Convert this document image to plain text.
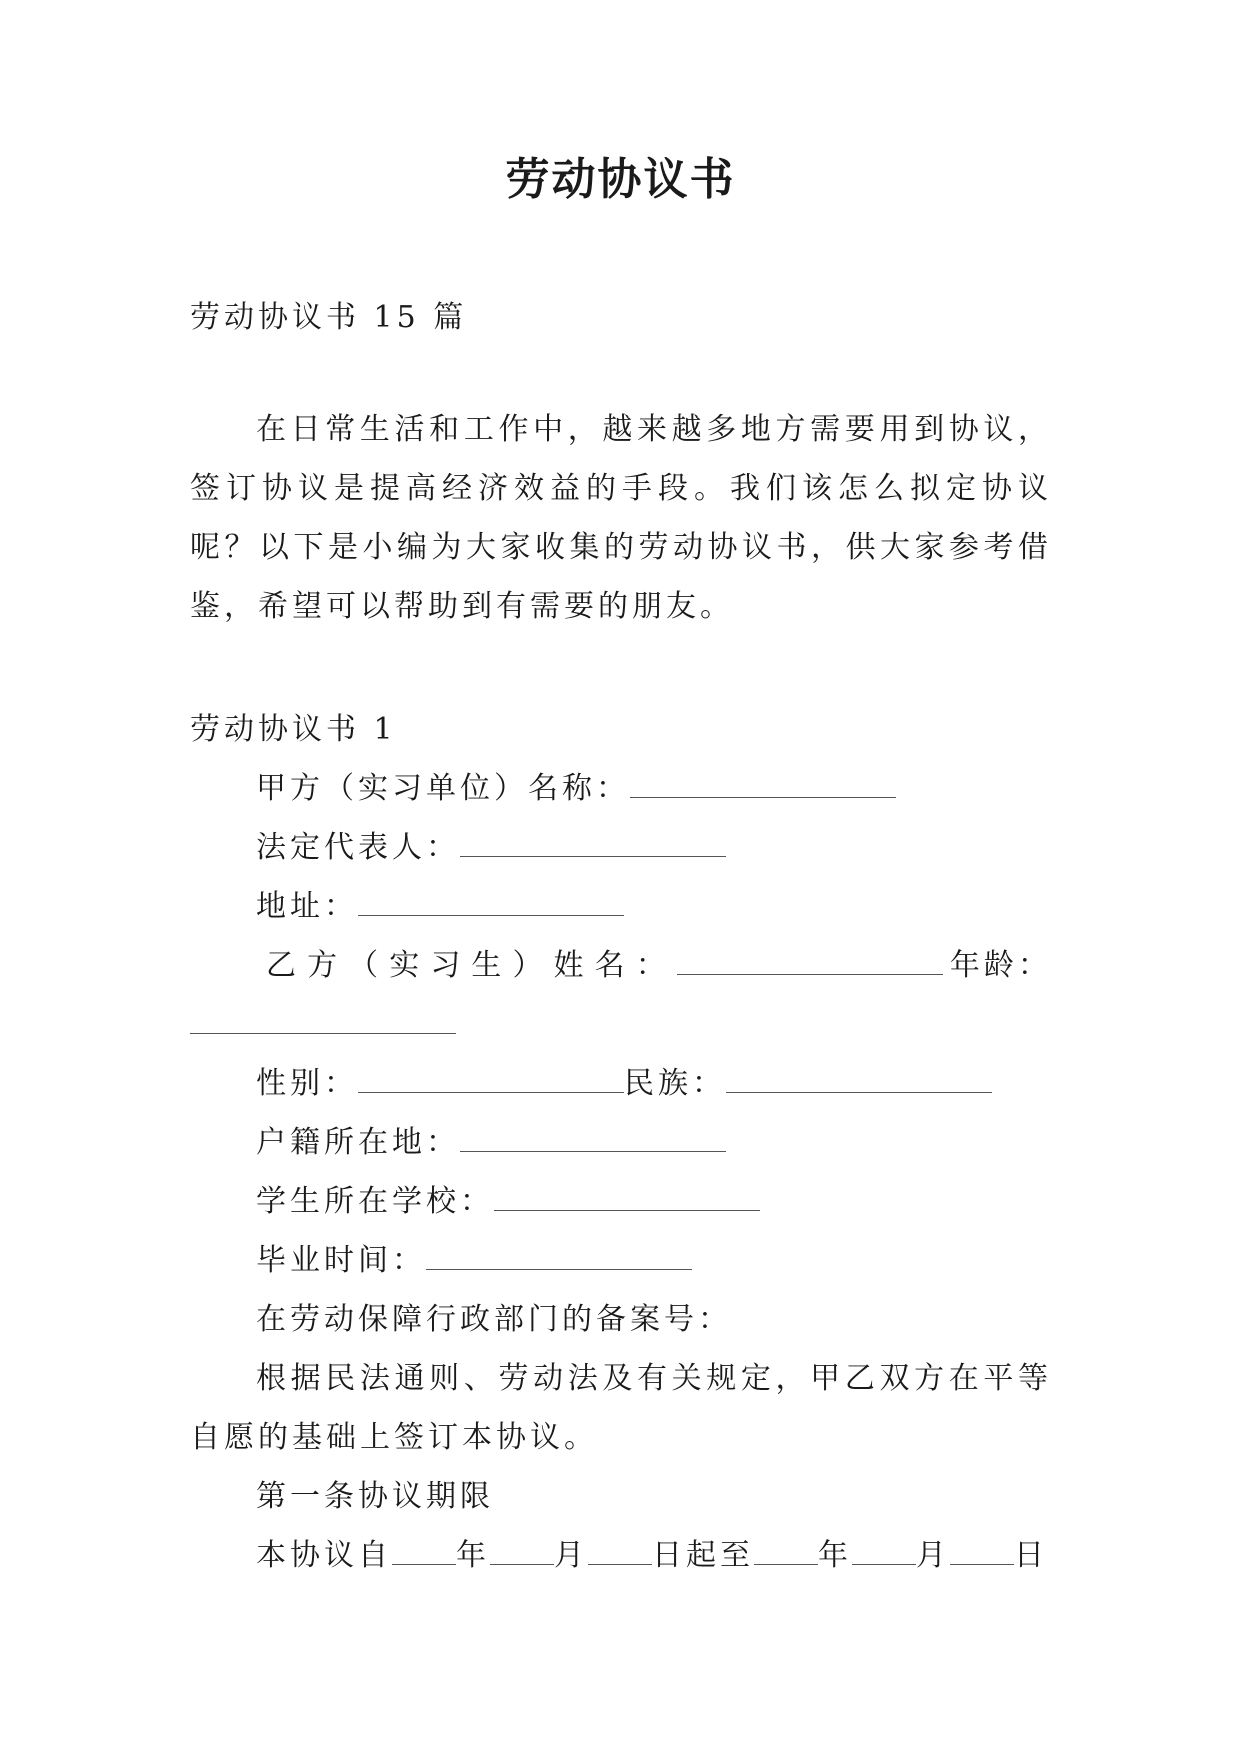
劳动协议书

劳动协议书 15 篇

在日常生活和工作中，越来越多地方需要用到协议，签订协议是提高经济效益的手段。我们该怎么拟定协议呢？以下是小编为大家收集的劳动协议书，供大家参考借鉴，希望可以帮助到有需要的朋友。

劳动协议书 1

甲方（实习单位）名称：

法定代表人：

地址：

乙 方 （ 实 习 生 ） 姓 名 ：	年龄：

性别：	民族：

户籍所在地：

学生所在学校：

毕业时间：

在劳动保障行政部门的备案号：

根据民法通则、劳动法及有关规定，甲乙双方在平等自愿的基础上签订本协议。

第一条协议期限

本协议自 年 月 日起至 年 月 日
